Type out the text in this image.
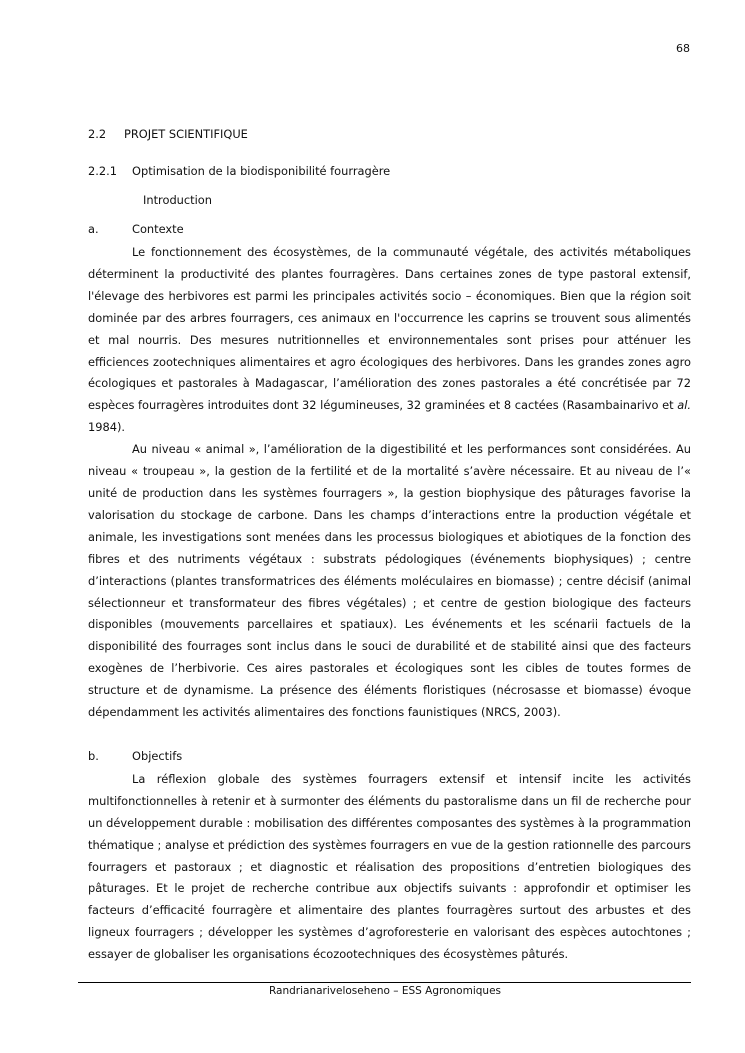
68
2.2	PROJET SCIENTIFIQUE
2.2.1	Optimisation de la biodisponibilité fourragère
Introduction
a.	Contexte

Le fonctionnement des écosystèmes, de la communauté végétale, des activités métaboliques déterminent la productivité des plantes fourragères. Dans certaines zones de type pastoral extensif, l'élevage des herbivores est parmi les principales activités socio – économiques. Bien que la région soit dominée par des arbres fourragers, ces animaux en l'occurrence les caprins se trouvent sous alimentés et mal nourris. Des mesures nutritionnelles et environnementales sont prises pour atténuer les efficiences zootechniques alimentaires et agro écologiques des herbivores. Dans les grandes zones agro écologiques et pastorales à Madagascar, l’amélioration des zones pastorales a été concrétisée par 72 espèces fourragères introduites dont 32 légumineuses, 32 graminées et 8 cactées (Rasambainarivo et al. 1984).

Au niveau « animal », l’amélioration de la digestibilité et les performances sont considérées. Au niveau « troupeau », la gestion de la fertilité et de la mortalité s’avère nécessaire. Et au niveau de l’« unité de production dans les systèmes fourragers », la gestion biophysique des pâturages favorise la valorisation du stockage de carbone. Dans les champs d’interactions entre la production végétale et animale, les investigations sont menées dans les processus biologiques et abiotiques de la fonction des fibres et des nutriments végétaux : substrats pédologiques (événements biophysiques) ; centre d’interactions (plantes transformatrices des éléments moléculaires en biomasse) ; centre décisif (animal sélectionneur et transformateur des fibres végétales) ; et centre de gestion biologique des facteurs disponibles (mouvements parcellaires et spatiaux). Les événements et les scénarii factuels de la disponibilité des fourrages sont inclus dans le souci de durabilité et de stabilité ainsi que des facteurs exogènes de l’herbivorie. Ces aires pastorales et écologiques sont les cibles de toutes formes de structure et de dynamisme. La présence des éléments floristiques (nécrosasse et biomasse) évoque dépendamment les activités alimentaires des fonctions faunistiques (NRCS, 2003).

b.	Objectifs

La réflexion globale des systèmes fourragers extensif et intensif incite les activités multifonctionnelles à retenir et à surmonter des éléments du pastoralisme dans un fil de recherche pour un développement durable : mobilisation des différentes composantes des systèmes à la programmation thématique ; analyse et prédiction des systèmes fourragers en vue de la gestion rationnelle des parcours fourragers et pastoraux ; et diagnostic et réalisation des propositions d’entretien biologiques des pâturages. Et le projet de recherche contribue aux objectifs suivants : approfondir et optimiser les facteurs d’efficacité fourragère et alimentaire des plantes fourragères surtout des arbustes et des ligneux fourragers ; développer les systèmes d’agroforesterie en valorisant des espèces autochtones ; essayer de globaliser les organisations écozootechniques des écosystèmes pâturés.

Randrianariveloseheno – ESS Agronomiques
